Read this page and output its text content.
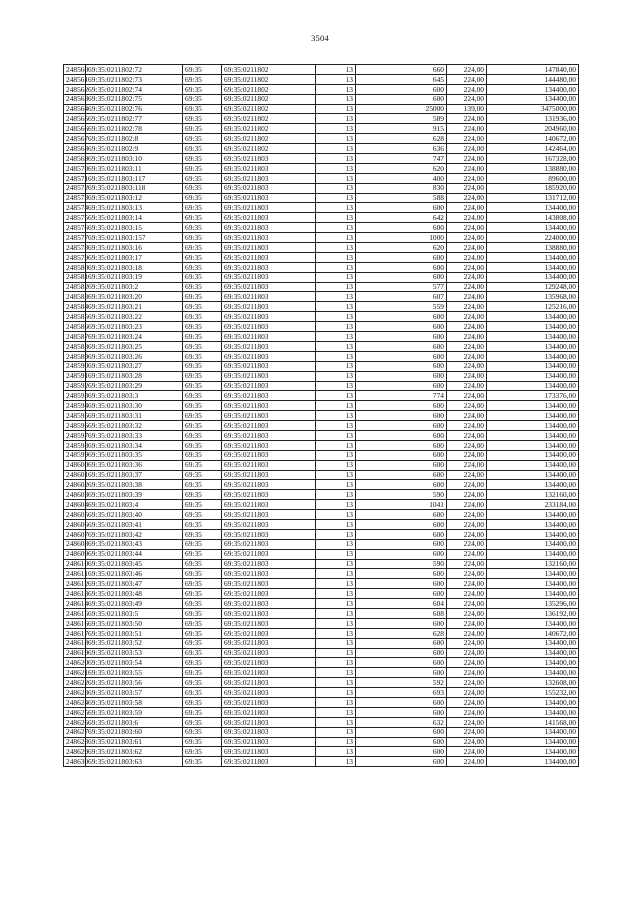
3504
248560	69:35:0211802:72	69:35	69:35:0211802	13	660	224,00	147840,00
248561	69:35:0211802:73	69:35	69:35:0211802	13	645	224,00	144480,00
248562	69:35:0211802:74	69:35	69:35:0211802	13	600	224,00	134400,00
248563	69:35:0211802:75	69:35	69:35:0211802	13	600	224,00	134400,00
248564	69:35:0211802:76	69:35	69:35:0211802	13	25000	139,00	3475000,00
248565	69:35:0211802:77	69:35	69:35:0211802	13	589	224,00	131936,00
248566	69:35:0211802:78	69:35	69:35:0211802	13	915	224,00	204960,00
248567	69:35:0211802:8	69:35	69:35:0211802	13	628	224,00	140672,00
248568	69:35:0211802:9	69:35	69:35:0211802	13	636	224,00	142464,00
248569	69:35:0211803:10	69:35	69:35:0211803	13	747	224,00	167328,00
248570	69:35:0211803:11	69:35	69:35:0211803	13	620	224,00	138880,00
248571	69:35:0211803:117	69:35	69:35:0211803	13	400	224,00	89600,00
248572	69:35:0211803:118	69:35	69:35:0211803	13	830	224,00	185920,00
248573	69:35:0211803:12	69:35	69:35:0211803	13	588	224,00	131712,00
248574	69:35:0211803:13	69:35	69:35:0211803	13	600	224,00	134400,00
248575	69:35:0211803:14	69:35	69:35:0211803	13	642	224,00	143808,00
248576	69:35:0211803:15	69:35	69:35:0211803	13	600	224,00	134400,00
248577	69:35:0211803:157	69:35	69:35:0211803	13	1000	224,00	224000,00
248578	69:35:0211803:16	69:35	69:35:0211803	13	620	224,00	138880,00
248579	69:35:0211803:17	69:35	69:35:0211803	13	600	224,00	134400,00
248580	69:35:0211803:18	69:35	69:35:0211803	13	600	224,00	134400,00
248581	69:35:0211803:19	69:35	69:35:0211803	13	600	224,00	134400,00
248582	69:35:0211803:2	69:35	69:35:0211803	13	577	224,00	129248,00
248583	69:35:0211803:20	69:35	69:35:0211803	13	607	224,00	135968,00
248584	69:35:0211803:21	69:35	69:35:0211803	13	559	224,00	125216,00
248585	69:35:0211803:22	69:35	69:35:0211803	13	600	224,00	134400,00
248586	69:35:0211803:23	69:35	69:35:0211803	13	600	224,00	134400,00
248587	69:35:0211803:24	69:35	69:35:0211803	13	600	224,00	134400,00
248588	69:35:0211803:25	69:35	69:35:0211803	13	600	224,00	134400,00
248589	69:35:0211803:26	69:35	69:35:0211803	13	600	224,00	134400,00
248590	69:35:0211803:27	69:35	69:35:0211803	13	600	224,00	134400,00
248591	69:35:0211803:28	69:35	69:35:0211803	13	600	224,00	134400,00
248592	69:35:0211803:29	69:35	69:35:0211803	13	600	224,00	134400,00
248593	69:35:0211803:3	69:35	69:35:0211803	13	774	224,00	173376,00
248594	69:35:0211803:30	69:35	69:35:0211803	13	600	224,00	134400,00
248595	69:35:0211803:31	69:35	69:35:0211803	13	600	224,00	134400,00
248596	69:35:0211803:32	69:35	69:35:0211803	13	600	224,00	134400,00
248597	69:35:0211803:33	69:35	69:35:0211803	13	600	224,00	134400,00
248598	69:35:0211803:34	69:35	69:35:0211803	13	600	224,00	134400,00
248599	69:35:0211803:35	69:35	69:35:0211803	13	600	224,00	134400,00
248600	69:35:0211803:36	69:35	69:35:0211803	13	600	224,00	134400,00
248601	69:35:0211803:37	69:35	69:35:0211803	13	600	224,00	134400,00
248602	69:35:0211803:38	69:35	69:35:0211803	13	600	224,00	134400,00
248603	69:35:0211803:39	69:35	69:35:0211803	13	590	224,00	132160,00
248604	69:35:0211803:4	69:35	69:35:0211803	13	1041	224,00	233184,00
248605	69:35:0211803:40	69:35	69:35:0211803	13	600	224,00	134400,00
248606	69:35:0211803:41	69:35	69:35:0211803	13	600	224,00	134400,00
248607	69:35:0211803:42	69:35	69:35:0211803	13	600	224,00	134400,00
248608	69:35:0211803:43	69:35	69:35:0211803	13	600	224,00	134400,00
248609	69:35:0211803:44	69:35	69:35:0211803	13	600	224,00	134400,00
248610	69:35:0211803:45	69:35	69:35:0211803	13	590	224,00	132160,00
248611	69:35:0211803:46	69:35	69:35:0211803	13	600	224,00	134400,00
248612	69:35:0211803:47	69:35	69:35:0211803	13	600	224,00	134400,00
248613	69:35:0211803:48	69:35	69:35:0211803	13	600	224,00	134400,00
248614	69:35:0211803:49	69:35	69:35:0211803	13	604	224,00	135296,00
248615	69:35:0211803:5	69:35	69:35:0211803	13	608	224,00	136192,00
248616	69:35:0211803:50	69:35	69:35:0211803	13	600	224,00	134400,00
248617	69:35:0211803:51	69:35	69:35:0211803	13	628	224,00	140672,00
248618	69:35:0211803:52	69:35	69:35:0211803	13	600	224,00	134400,00
248619	69:35:0211803:53	69:35	69:35:0211803	13	600	224,00	134400,00
248620	69:35:0211803:54	69:35	69:35:0211803	13	600	224,00	134400,00
248621	69:35:0211803:55	69:35	69:35:0211803	13	600	224,00	134400,00
248622	69:35:0211803:56	69:35	69:35:0211803	13	592	224,00	132608,00
248623	69:35:0211803:57	69:35	69:35:0211803	13	693	224,00	155232,00
248624	69:35:0211803:58	69:35	69:35:0211803	13	600	224,00	134400,00
248625	69:35:0211803:59	69:35	69:35:0211803	13	600	224,00	134400,00
248626	69:35:0211803:6	69:35	69:35:0211803	13	632	224,00	141568,00
248627	69:35:0211803:60	69:35	69:35:0211803	13	600	224,00	134400,00
248628	69:35:0211803:61	69:35	69:35:0211803	13	600	224,00	134400,00
248629	69:35:0211803:62	69:35	69:35:0211803	13	600	224,00	134400,00
248630	69:35:0211803:63	69:35	69:35:0211803	13	600	224,00	134400,00
